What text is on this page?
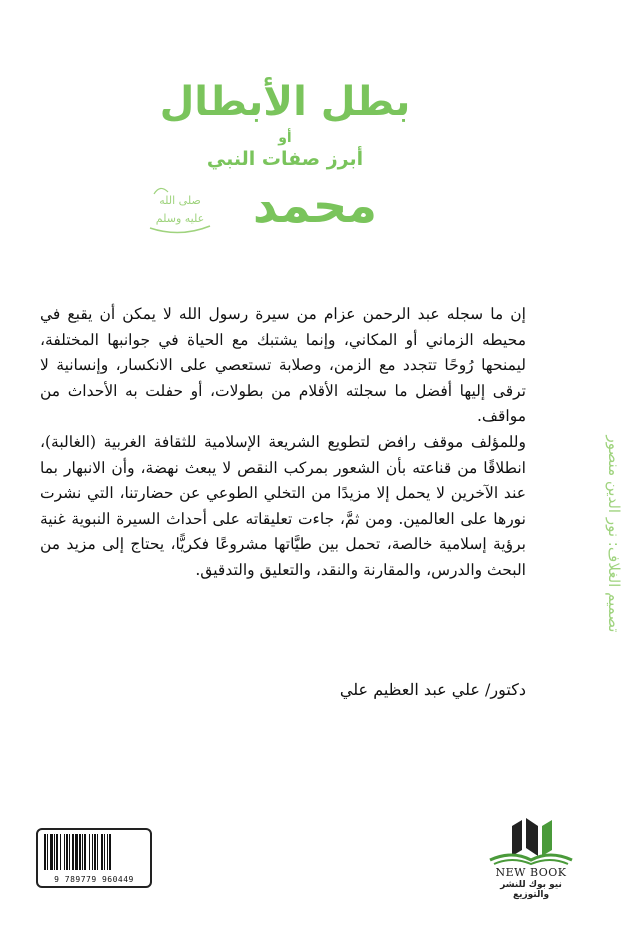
بطل الأبطال
أو
أبرز صفات النبي
محمد
صلى الله
عليه وسلم

إن ما سجله عبد الرحمن عزام من سيرة رسول الله لا يمكن أن يقبع في محيطه الزماني أو المكاني، وإنما يشتبك مع الحياة في جوانبها المختلفة، ليمنحها رُوحًا تتجدد مع الزمن، وصلابة تستعصي على الانكسار، وإنسانية لا ترقى إليها أفضل ما سجلته الأقلام من بطولات، أو حفلت به الأحداث من مواقف.

وللمؤلف موقف رافض لتطويع الشريعة الإسلامية للثقافة الغربية (الغالبة)، انطلاقًا من قناعته بأن الشعور بمركب النقص لا يبعث نهضة، وأن الانبهار بما عند الآخرين لا يحمل إلا مزيدًا من التخلي الطوعي عن حضارتنا، التي نشرت نورها على العالمين. ومن ثمَّ، جاءت تعليقاته على أحداث السيرة النبوية غنية برؤية إسلامية خالصة، تحمل بين طيَّاتها مشروعًا فكريًّا، يحتاج إلى مزيد من البحث والدرس، والمقارنة والنقد، والتعليق والتدقيق.

دكتور/ علي عبد العظيم علي
تصميم الغلاف: نور الدين منصور
9 789779 960449
NEW BOOK
نيو بوك للنشر والتوزيع
